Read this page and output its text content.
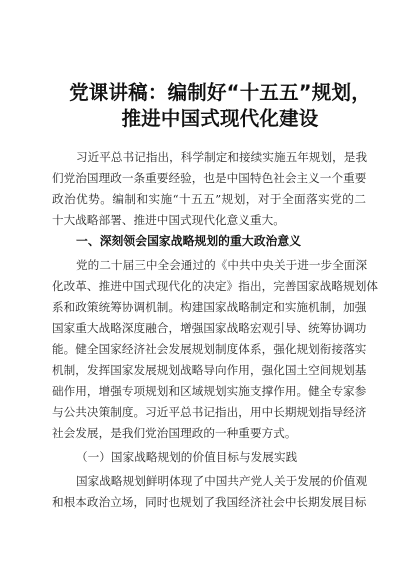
党课讲稿：编制好“十五五”规划，
推进中国式现代化建设
习近平总书记指出，科学制定和接续实施五年规划，是我
们党治国理政一条重要经验，也是中国特色社会主义一个重要
政治优势。编制和实施“十五五”规划，对于全面落实党的二
十大战略部署、推进中国式现代化意义重大。
一、深刻领会国家战略规划的重大政治意义
党的二十届三中全会通过的《中共中央关于进一步全面深
化改革、推进中国式现代化的决定》指出，完善国家战略规划体
系和政策统筹协调机制。构建国家战略制定和实施机制，加强
国家重大战略深度融合，增强国家战略宏观引导、统筹协调功
能。健全国家经济社会发展规划制度体系，强化规划衔接落实
机制，发挥国家发展规划战略导向作用，强化国土空间规划基
础作用，增强专项规划和区域规划实施支撑作用。健全专家参
与公共决策制度。习近平总书记指出，用中长期规划指导经济
社会发展，是我们党治国理政的一种重要方式。
（一）国家战略规划的价值目标与发展实践
国家战略规划鲜明体现了中国共产党人关于发展的价值观
和根本政治立场，同时也规划了我国经济社会中长期发展目标
